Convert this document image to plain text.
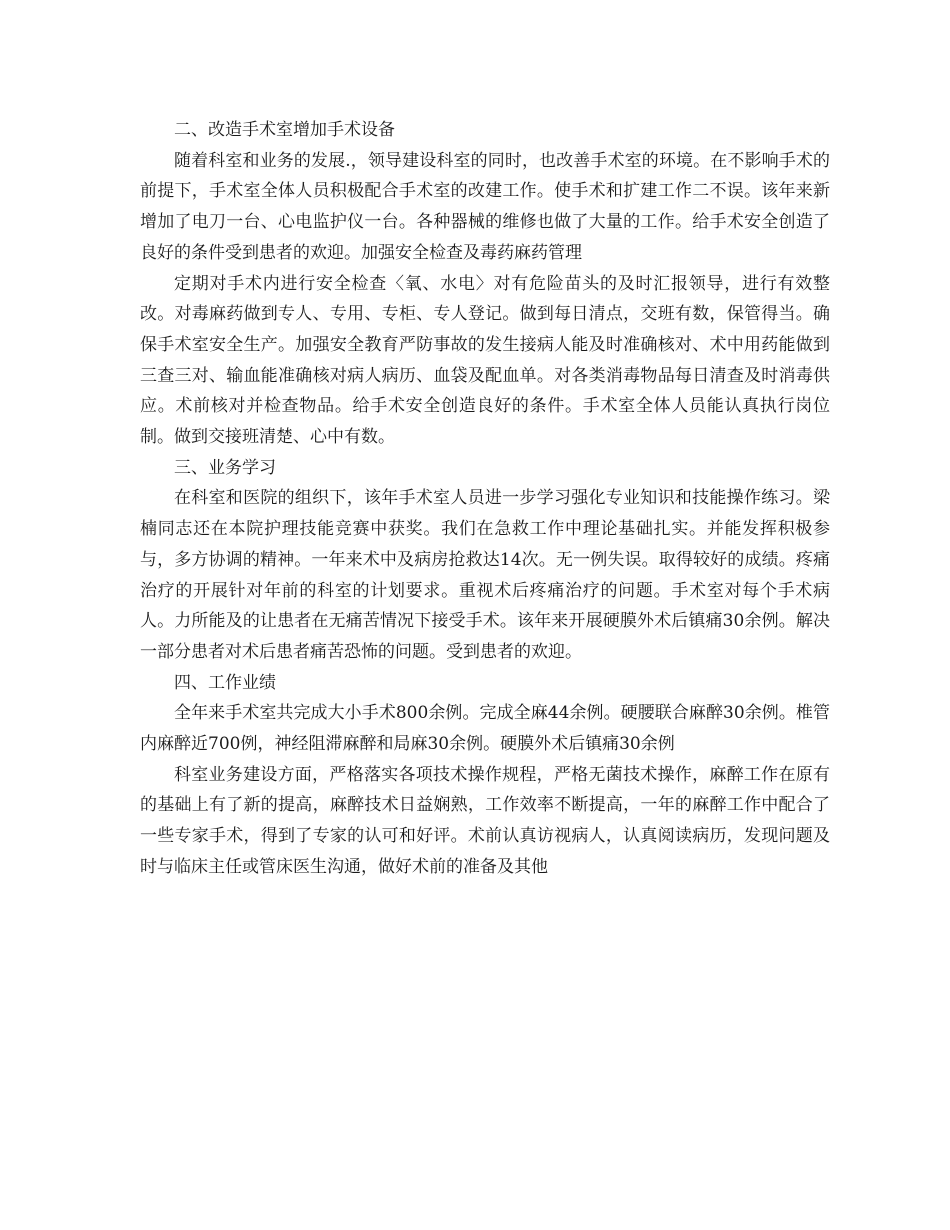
二、改造手术室增加手术设备

随着科室和业务的发展.，领导建设科室的同时，也改善手术室的环境。在不影响手术的前提下，手术室全体人员积极配合手术室的改建工作。使手术和扩建工作二不误。该年来新增加了电刀一台、心电监护仪一台。各种器械的维修也做了大量的工作。给手术安全创造了良好的条件受到患者的欢迎。加强安全检查及毒药麻药管理

定期对手术内进行安全检查〈氧、水电〉对有危险苗头的及时汇报领导，进行有效整改。对毒麻药做到专人、专用、专柜、专人登记。做到每日清点，交班有数，保管得当。确保手术室安全生产。加强安全教育严防事故的发生接病人能及时准确核对、术中用药能做到三查三对、输血能准确核对病人病历、血袋及配血单。对各类消毒物品每日清查及时消毒供应。术前核对并检查物品。给手术安全创造良好的条件。手术室全体人员能认真执行岗位制。做到交接班清楚、心中有数。

三、业务学习

在科室和医院的组织下，该年手术室人员进一步学习强化专业知识和技能操作练习。梁楠同志还在本院护理技能竞赛中获奖。我们在急救工作中理论基础扎实。并能发挥积极参与，多方协调的精神。一年来术中及病房抢救达14次。无一例失误。取得较好的成绩。疼痛治疗的开展针对年前的科室的计划要求。重视术后疼痛治疗的问题。手术室对每个手术病人。力所能及的让患者在无痛苦情况下接受手术。该年来开展硬膜外术后镇痛30余例。解决一部分患者对术后患者痛苦恐怖的问题。受到患者的欢迎。

四、工作业绩

全年来手术室共完成大小手术800余例。完成全麻44余例。硬腰联合麻醉30余例。椎管内麻醉近700例，神经阻滞麻醉和局麻30余例。硬膜外术后镇痛30余例

科室业务建设方面，严格落实各项技术操作规程，严格无菌技术操作，麻醉工作在原有的基础上有了新的提高，麻醉技术日益娴熟，工作效率不断提高，一年的麻醉工作中配合了一些专家手术，得到了专家的认可和好评。术前认真访视病人，认真阅读病历，发现问题及时与临床主任或管床医生沟通，做好术前的准备及其他
